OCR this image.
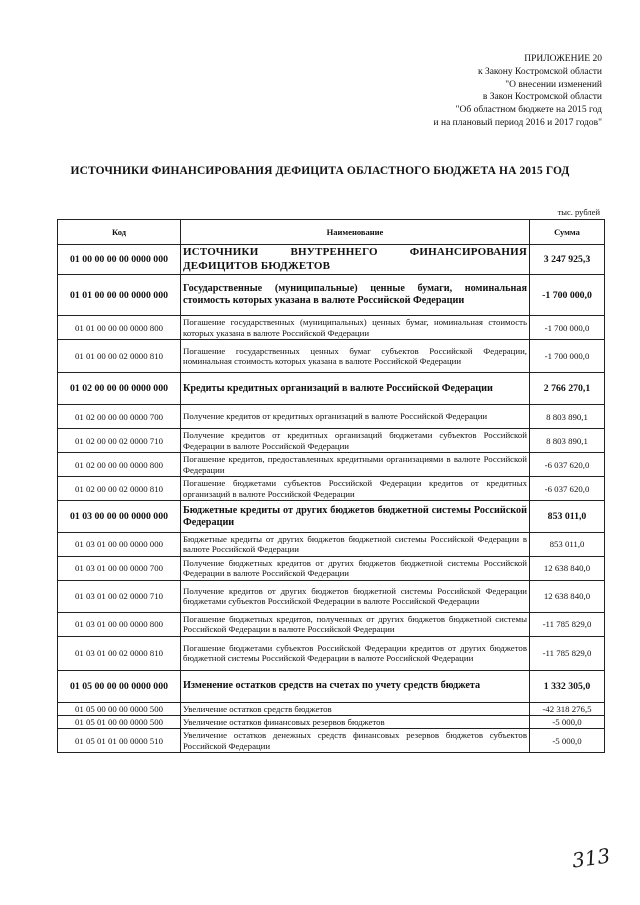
ПРИЛОЖЕНИЕ 20
к Закону Костромской области
"О внесении изменений
в Закон Костромской области
"Об областном бюджете на 2015 год
и на плановый период 2016 и 2017 годов"
ИСТОЧНИКИ ФИНАНСИРОВАНИЯ ДЕФИЦИТА ОБЛАСТНОГО БЮДЖЕТА НА 2015 ГОД
тыс. рублей
Код	Наименование	Сумма
01 00 00 00 00 0000 000	ИСТОЧНИКИ ВНУТРЕННЕГО ФИНАНСИРОВАНИЯ ДЕФИЦИТОВ БЮДЖЕТОВ	3 247 925,3
01 01 00 00 00 0000 000	Государственные (муниципальные) ценные бумаги, номинальная стоимость которых указана в валюте Российской Федерации	-1 700 000,0
01 01 00 00 00 0000 800	Погашение государственных (муниципальных) ценных бумаг, номинальная стоимость которых указана в валюте Российской Федерации	-1 700 000,0
01 01 00 00 02 0000 810	Погашение государственных ценных бумаг субъектов Российской Федерации, номинальная стоимость которых указана в валюте Российской Федерации	-1 700 000,0
01 02 00 00 00 0000 000	Кредиты кредитных организаций в валюте Российской Федерации	2 766 270,1
01 02 00 00 00 0000 700	Получение кредитов от кредитных организаций в валюте Российской Федерации	8 803 890,1
01 02 00 00 02 0000 710	Получение кредитов от кредитных организаций бюджетами субъектов Российской Федерации в валюте Российской Федерации	8 803 890,1
01 02 00 00 00 0000 800	Погашение кредитов, предоставленных кредитными организациями в валюте Российской Федерации	-6 037 620,0
01 02 00 00 02 0000 810	Погашение бюджетами субъектов Российской Федерации кредитов от кредитных организаций в валюте Российской Федерации	-6 037 620,0
01 03 00 00 00 0000 000	Бюджетные кредиты от других бюджетов бюджетной системы Российской Федерации	853 011,0
01 03 01 00 00 0000 000	Бюджетные кредиты от других бюджетов бюджетной системы Российской Федерации в валюте Российской Федерации	853 011,0
01 03 01 00 00 0000 700	Получение бюджетных кредитов от других бюджетов бюджетной системы Российской Федерации в валюте Российской Федерации	12 638 840,0
01 03 01 00 02 0000 710	Получение кредитов от других бюджетов бюджетной системы Российской Федерации бюджетами субъектов Российской Федерации в валюте Российской Федерации	12 638 840,0
01 03 01 00 00 0000 800	Погашение бюджетных кредитов, полученных от других бюджетов бюджетной системы Российской Федерации в валюте Российской Федерации	-11 785 829,0
01 03 01 00 02 0000 810	Погашение бюджетами субъектов Российской Федерации кредитов от других бюджетов бюджетной системы Российской Федерации в валюте Российской Федерации	-11 785 829,0
01 05 00 00 00 0000 000	Изменение остатков средств на счетах по учету средств бюджета	1 332 305,0
01 05 00 00 00 0000 500	Увеличение остатков средств бюджетов	-42 318 276,5
01 05 01 00 00 0000 500	Увеличение остатков финансовых резервов бюджетов	-5 000,0
01 05 01 01 00 0000 510	Увеличение остатков денежных средств финансовых резервов бюджетов субъектов Российской Федерации	-5 000,0
313
